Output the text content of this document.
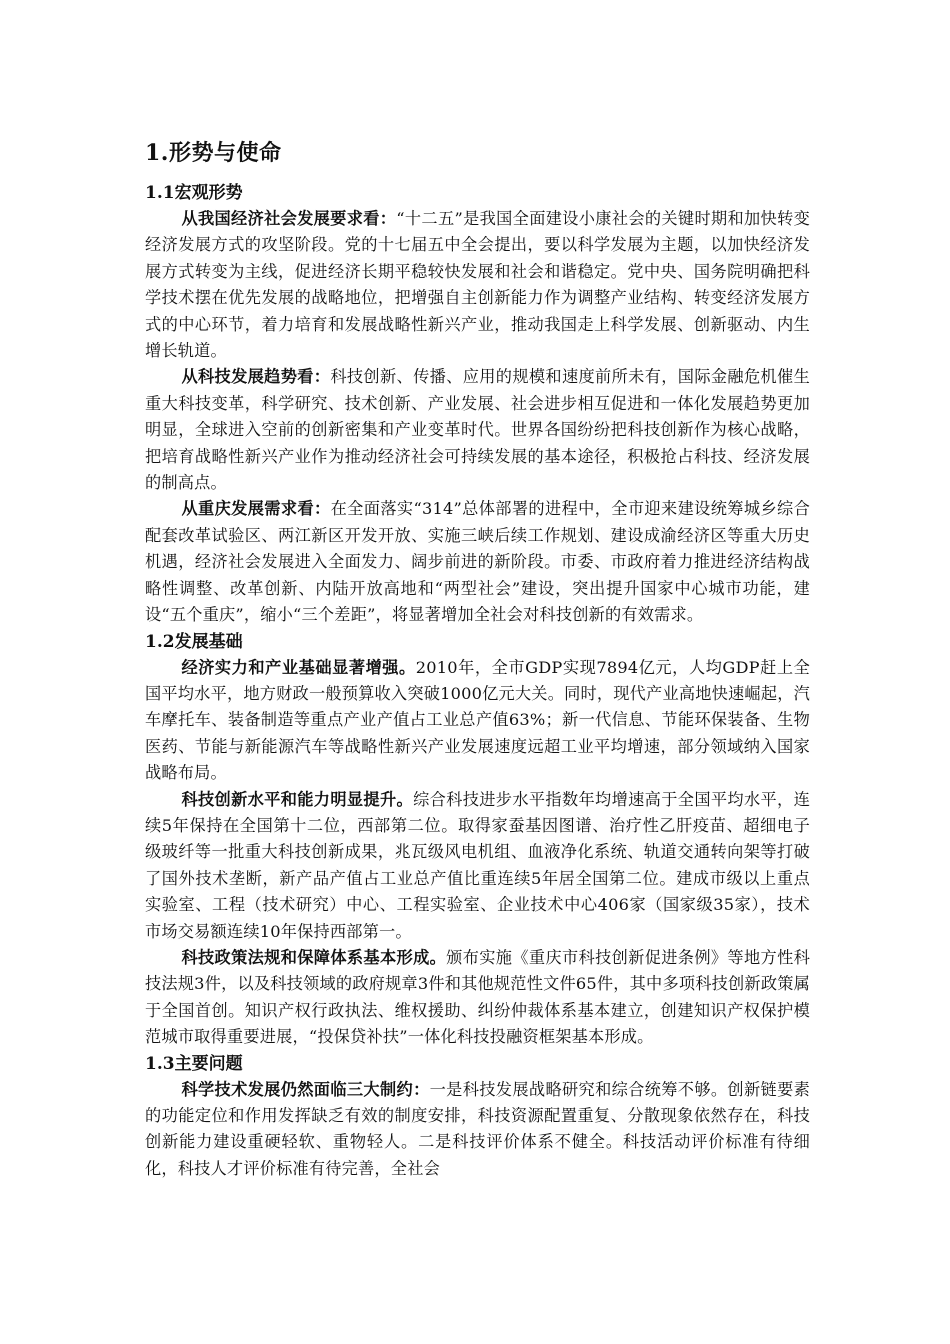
1.形势与使命
1.1宏观形势

从我国经济社会发展要求看：“十二五”是我国全面建设小康社会的关键时期和加快转变经济发展方式的攻坚阶段。党的十七届五中全会提出，要以科学发展为主题，以加快经济发展方式转变为主线，促进经济长期平稳较快发展和社会和谐稳定。党中央、国务院明确把科学技术摆在优先发展的战略地位，把增强自主创新能力作为调整产业结构、转变经济发展方式的中心环节，着力培育和发展战略性新兴产业，推动我国走上科学发展、创新驱动、内生增长轨道。

从科技发展趋势看：科技创新、传播、应用的规模和速度前所未有，国际金融危机催生重大科技变革，科学研究、技术创新、产业发展、社会进步相互促进和一体化发展趋势更加明显，全球进入空前的创新密集和产业变革时代。世界各国纷纷把科技创新作为核心战略，把培育战略性新兴产业作为推动经济社会可持续发展的基本途径，积极抢占科技、经济发展的制高点。

从重庆发展需求看：在全面落实“314”总体部署的进程中，全市迎来建设统筹城乡综合配套改革试验区、两江新区开发开放、实施三峡后续工作规划、建设成渝经济区等重大历史机遇，经济社会发展进入全面发力、阔步前进的新阶段。市委、市政府着力推进经济结构战略性调整、改革创新、内陆开放高地和“两型社会”建设，突出提升国家中心城市功能，建设“五个重庆”，缩小“三个差距”，将显著增加全社会对科技创新的有效需求。

1.2发展基础

经济实力和产业基础显著增强。2010年，全市GDP实现7894亿元，人均GDP赶上全国平均水平，地方财政一般预算收入突破1000亿元大关。同时，现代产业高地快速崛起，汽车摩托车、装备制造等重点产业产值占工业总产值63%；新一代信息、节能环保装备、生物医药、节能与新能源汽车等战略性新兴产业发展速度远超工业平均增速，部分领域纳入国家战略布局。

科技创新水平和能力明显提升。综合科技进步水平指数年均增速高于全国平均水平，连续5年保持在全国第十二位，西部第二位。取得家蚕基因图谱、治疗性乙肝疫苗、超细电子级玻纤等一批重大科技创新成果，兆瓦级风电机组、血液净化系统、轨道交通转向架等打破了国外技术垄断，新产品产值占工业总产值比重连续5年居全国第二位。建成市级以上重点实验室、工程（技术研究）中心、工程实验室、企业技术中心406家（国家级35家），技术市场交易额连续10年保持西部第一。

科技政策法规和保障体系基本形成。颁布实施《重庆市科技创新促进条例》等地方性科技法规3件，以及科技领域的政府规章3件和其他规范性文件65件，其中多项科技创新政策属于全国首创。知识产权行政执法、维权援助、纠纷仲裁体系基本建立，创建知识产权保护模范城市取得重要进展，“投保贷补扶”一体化科技投融资框架基本形成。

1.3主要问题

科学技术发展仍然面临三大制约：一是科技发展战略研究和综合统筹不够。创新链要素的功能定位和作用发挥缺乏有效的制度安排，科技资源配置重复、分散现象依然存在，科技创新能力建设重硬轻软、重物轻人。二是科技评价体系不健全。科技活动评价标准有待细化，科技人才评价标准有待完善，全社会
